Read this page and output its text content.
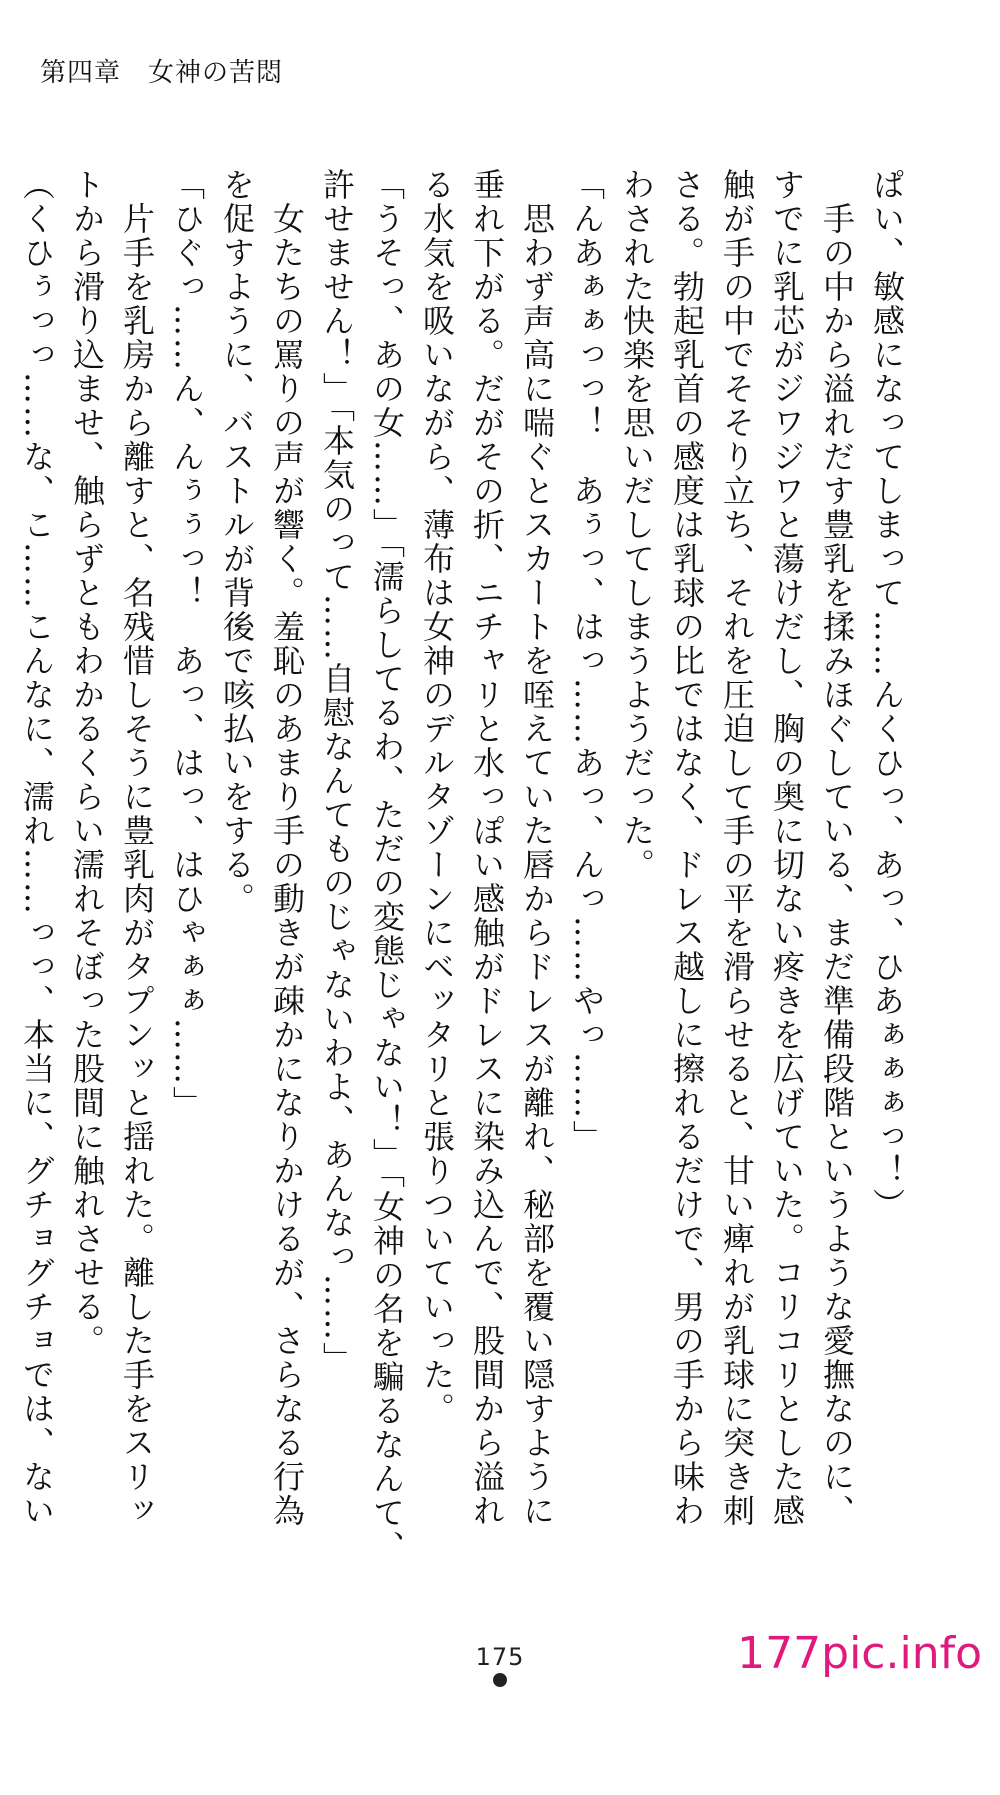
第四章　女神の苦悶
ぱい、敏感になってしまって……んくひっ、あっ、ひあぁぁぁっ！）
　手の中から溢れだす豊乳を揉みほぐしている、まだ準備段階というような愛撫なのに、
すでに乳芯がジワジワと蕩けだし、胸の奥に切ない疼きを広げていた。コリコリとした感
触が手の中でそそり立ち、それを圧迫して手の平を滑らせると、甘い痺れが乳球に突き刺
さる。勃起乳首の感度は乳球の比ではなく、ドレス越しに擦れるだけで、男の手から味わ
わされた快楽を思いだしてしまうようだった。
「んあぁぁっっ！　あぅっ、はっ……あっ、んっ……やっ……」
　思わず声高に喘ぐとスカートを咥えていた唇からドレスが離れ、秘部を覆い隠すように
垂れ下がる。だがその折、ニチャリと水っぽい感触がドレスに染み込んで、股間から溢れ
る水気を吸いながら、薄布は女神のデルタゾーンにベッタリと張りついていった。
「うそっ、あの女……」「濡らしてるわ、ただの変態じゃない！」「女神の名を騙るなんて、
許せません！」「本気のって……自慰なんてものじゃないわよ、あんなっ……」
　女たちの罵りの声が響く。羞恥のあまり手の動きが疎かになりかけるが、さらなる行為
を促すように、バストルが背後で咳払いをする。
「ひぐっ……ん、んぅぅっ！　あっ、はっ、はひゃぁぁ……」
　片手を乳房から離すと、名残惜しそうに豊乳肉がタプンッと揺れた。離した手をスリッ
トから滑り込ませ、触らずともわかるくらい濡れそぼった股間に触れさせる。
（くひぅっっ……な、こ……こんなに、濡れ……っっ、本当に、グチョグチョでは、ない
175	177pic.info
